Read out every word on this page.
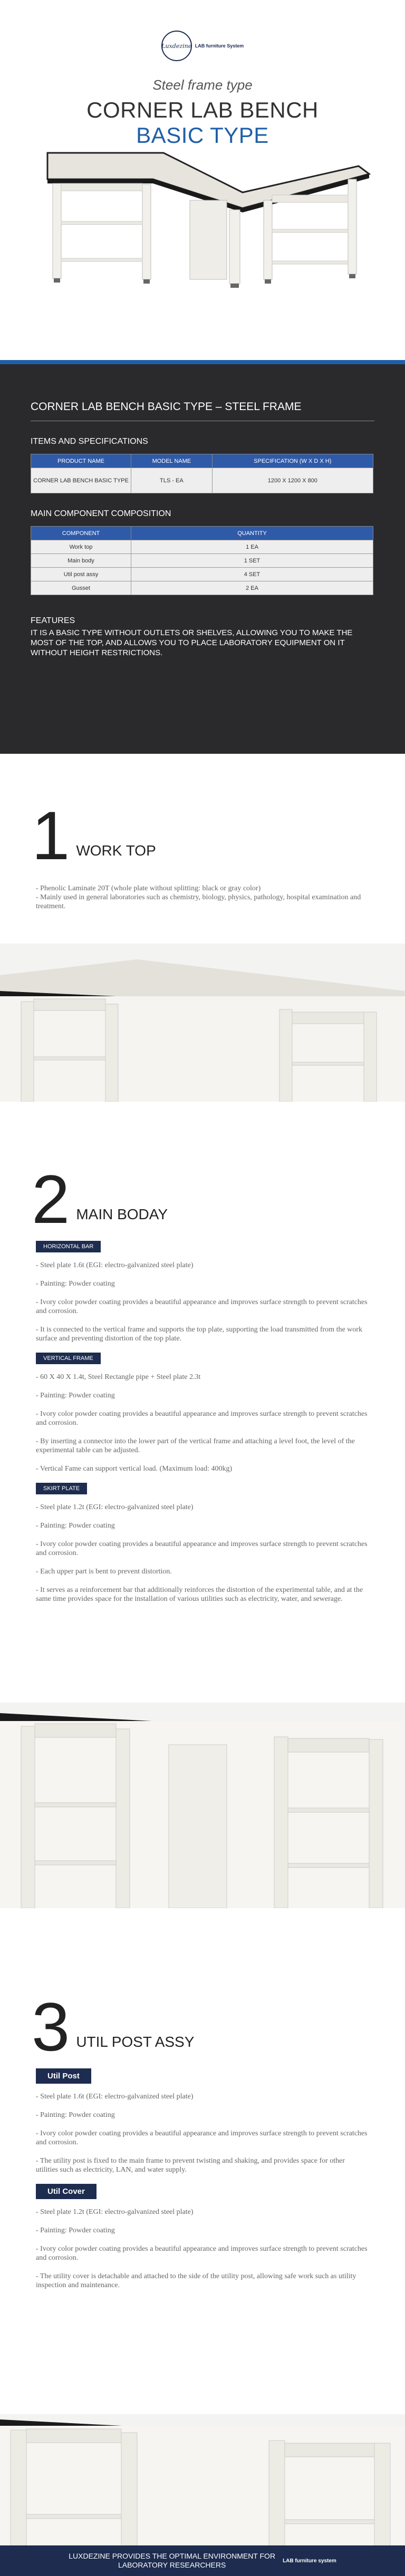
Luxdezine LAB furniture System
Steel frame type
CORNER LAB BENCH
BASIC TYPE
CORNER LAB BENCH BASIC TYPE – STEEL FRAME
ITEMS AND SPECIFICATIONS
PRODUCT NAME	MODEL NAME	SPECIFICATION (W X D X H)
CORNER LAB BENCH BASIC TYPE	TLS - EA	1200 X 1200 X 800
MAIN COMPONENT COMPOSITION
COMPONENT	QUANTITY
Work top	1 EA
Main body	1 SET
Util post assy	4 SET
Gusset	2 EA
FEATURES
IT IS A BASIC TYPE WITHOUT OUTLETS OR SHELVES, ALLOWING YOU TO MAKE THE MOST OF THE TOP, AND ALLOWS YOU TO PLACE LABORATORY EQUIPMENT ON IT WITHOUT HEIGHT RESTRICTIONS.
1 WORK TOP

- Phenolic Laminate 20T (whole plate without splitting: black or gray color)
- Mainly used in general laboratories such as chemistry, biology, physics, pathology, hospital examination and treatment.

2 MAIN BODAY
HORIZONTAL BAR

- Steel plate 1.6t (EGI: electro-galvanized steel plate)

- Painting: Powder coating

- Ivory color powder coating provides a beautiful appearance and improves surface strength to prevent scratches and corrosion.

- It is connected to the vertical frame and supports the top plate, supporting the load transmitted from the work surface and preventing distortion of the top plate.

VERTICAL FRAME

- 60 X 40 X 1.4t, Steel Rectangle pipe + Steel plate 2.3t

- Painting: Powder coating

- Ivory color powder coating provides a beautiful appearance and improves surface strength to prevent scratches and corrosion.

- By inserting a connector into the lower part of the vertical frame and attaching a level foot, the level of the experimental table can be adjusted.

- Vertical Fame can support vertical load. (Maximum load: 400kg)

SKIRT PLATE

- Steel plate 1.2t (EGI: electro-galvanized steel plate)

- Painting: Powder coating

- Ivory color powder coating provides a beautiful appearance and improves surface strength to prevent scratches and corrosion.

- Each upper part is bent to prevent distortion.

- It serves as a reinforcement bar that additionally reinforces the distortion of the experimental table, and at the same time provides space for the installation of various utilities such as electricity, water, and sewerage.

3 UTIL POST ASSY
Util Post

- Steel plate 1.6t (EGI: electro-galvanized steel plate)

- Painting: Powder coating

- Ivory color powder coating provides a beautiful appearance and improves surface strength to prevent scratches and corrosion.

- The utility post is fixed to the main frame to prevent twisting and shaking, and provides space for other utilities such as electricity, LAN, and water supply.

Util Cover

- Steel plate 1.2t (EGI: electro-galvanized steel plate)

- Painting: Powder coating

- Ivory color powder coating provides a beautiful appearance and improves surface strength to prevent scratches and corrosion.

- The utility cover is detachable and attached to the side of the utility post, allowing safe work such as utility inspection and maintenance.

LUXDEZINE PROVIDES THE OPTIMAL ENVIRONMENT FOR
LABORATORY RESEARCHERS	LAB furniture system
